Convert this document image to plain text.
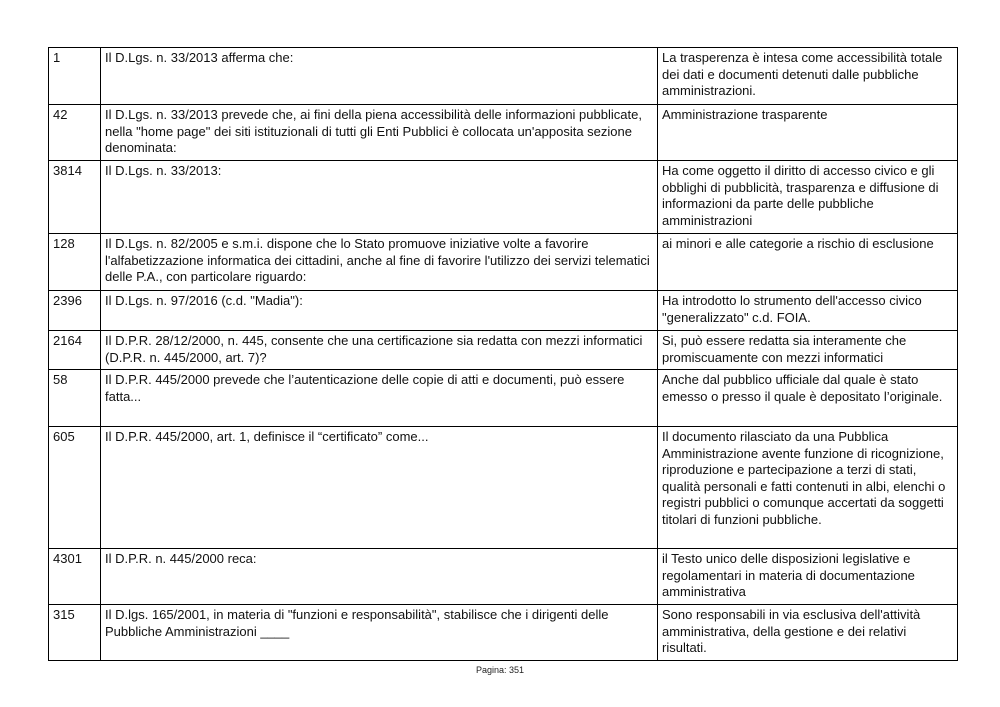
1	Il D.Lgs. n. 33/2013 afferma che:	La trasperenza è intesa come accessibilità totale dei dati e documenti detenuti dalle pubbliche amministrazioni.
42	Il D.Lgs. n. 33/2013 prevede che, ai fini della piena accessibilità delle informazioni pubblicate, nella "home page" dei siti istituzionali di tutti gli Enti Pubblici è collocata un'apposita sezione denominata:	Amministrazione trasparente
3814	Il D.Lgs. n. 33/2013:	Ha come oggetto il diritto di accesso civico e gli obblighi di pubblicità, trasparenza e diffusione di informazioni da parte delle pubbliche amministrazioni
128	Il D.Lgs. n. 82/2005 e s.m.i. dispone che lo Stato promuove iniziative volte a favorire l'alfabetizzazione informatica dei cittadini, anche al fine di favorire l'utilizzo dei servizi telematici delle P.A., con particolare riguardo:	ai minori e alle categorie a rischio di esclusione
2396	Il D.Lgs. n. 97/2016 (c.d. "Madia"):	Ha introdotto lo strumento dell'accesso civico "generalizzato" c.d. FOIA.
2164	Il D.P.R. 28/12/2000, n. 445, consente che una certificazione sia redatta con mezzi informatici (D.P.R. n. 445/2000, art. 7)?	Si, può essere redatta sia interamente che promiscuamente con mezzi informatici
58	Il D.P.R. 445/2000 prevede che l’autenticazione delle copie di atti e documenti, può essere fatta...	Anche dal pubblico ufficiale dal quale è stato emesso o presso il quale è depositato l’originale.
605	Il D.P.R. 445/2000, art. 1, definisce il “certificato” come...	Il documento rilasciato da una Pubblica Amministrazione avente funzione di ricognizione, riproduzione e partecipazione a terzi di stati, qualità personali e fatti contenuti in albi, elenchi o registri pubblici o comunque accertati da soggetti titolari di funzioni pubbliche.
4301	Il D.P.R. n. 445/2000 reca:	il Testo unico delle disposizioni legislative e regolamentari in materia di documentazione amministrativa
315	Il D.lgs. 165/2001, in materia di "funzioni e responsabilità", stabilisce che i dirigenti delle Pubbliche Amministrazioni ____	Sono responsabili in via esclusiva dell'attività amministrativa, della gestione e dei relativi risultati.
Pagina: 351
